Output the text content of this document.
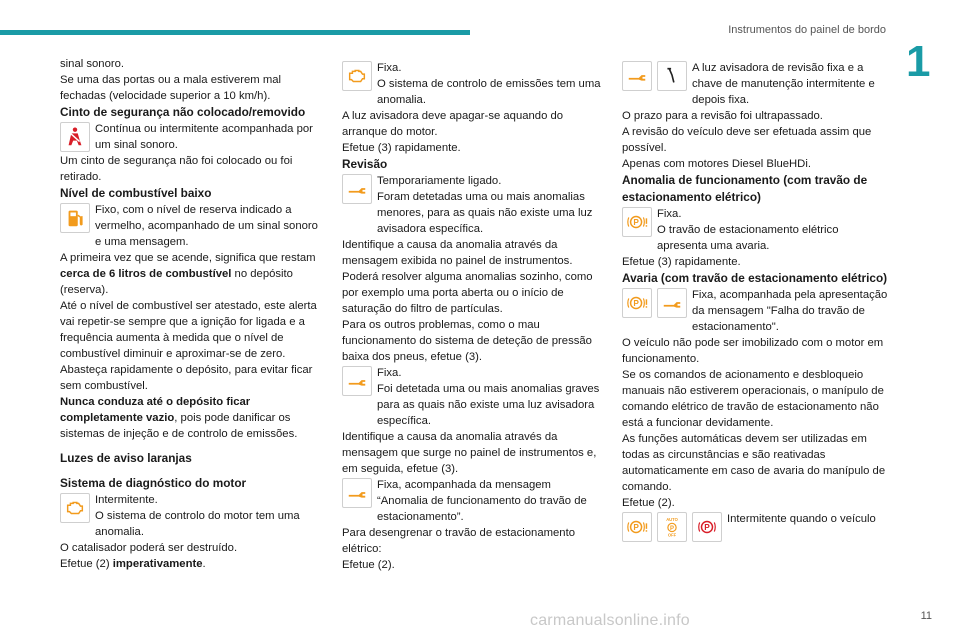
Instrumentos do painel de bordo
1

sinal sonoro.

Se uma das portas ou a mala estiverem mal fechadas (velocidade superior a 10 km/h).

Cinto de segurança não colocado/removido

Contínua ou intermitente acompanhada por um sinal sonoro.

Um cinto de segurança não foi colocado ou foi retirado.

Nível de combustível baixo

Fixo, com o nível de reserva indicado a vermelho, acompanhado de um sinal sonoro e uma mensagem.

A primeira vez que se acende, significa que restam cerca de 6 litros de combustível no depósito (reserva).

Até o nível de combustível ser atestado, este alerta vai repetir-se sempre que a ignição for ligada e a frequência aumenta à medida que o nível de combustível diminuir e aproximar-se de zero.

Abasteça rapidamente o depósito, para evitar ficar sem combustível.

Nunca conduza até o depósito ficar completamente vazio, pois pode danificar os sistemas de injeção e de controlo de emissões.

Luzes de aviso laranjas

Sistema de diagnóstico do motor

Intermitente.

O sistema de controlo do motor tem uma anomalia.

O catalisador poderá ser destruído.

Efetue (2) imperativamente.

Fixa.

O sistema de controlo de emissões tem uma anomalia.

A luz avisadora deve apagar-se aquando do arranque do motor.

Efetue (3) rapidamente.

Revisão

Temporariamente ligado.

Foram detetadas uma ou mais anomalias menores, para as quais não existe uma luz avisadora específica.

Identifique a causa da anomalia através da mensagem exibida no painel de instrumentos.

Poderá resolver alguma anomalias sozinho, como por exemplo uma porta aberta ou o início de saturação do filtro de partículas.

Para os outros problemas, como o mau funcionamento do sistema de deteção de pressão baixa dos pneus, efetue (3).

Fixa.

Foi detetada uma ou mais anomalias graves para as quais não existe uma luz avisadora específica.

Identifique a causa da anomalia através da mensagem que surge no painel de instrumentos e, em seguida, efetue (3).

Fixa, acompanhada da mensagem “Anomalia de funcionamento do travão de estacionamento”.

Para desengrenar o travão de estacionamento elétrico:

Efetue (2).

A luz avisadora de revisão fixa e a chave de manutenção intermitente e depois fixa.

O prazo para a revisão foi ultrapassado.

A revisão do veículo deve ser efetuada assim que possível.

Apenas com motores Diesel BlueHDi.

Anomalia de funcionamento (com travão de estacionamento elétrico)

P

Fixa.

O travão de estacionamento elétrico apresenta uma avaria.

Efetue (3) rapidamente.

Avaria (com travão de estacionamento elétrico)

P

Fixa, acompanhada pela apresentação da mensagem "Falha do travão de estacionamento".

O veículo não pode ser imobilizado com o motor em funcionamento.

Se os comandos de acionamento e desbloqueio manuais não estiverem operacionais, o manípulo de comando elétrico de travão de estacionamento não está a funcionar devidamente.

As funções automáticas devem ser utilizadas em todas as circunstâncias e são reativadas automaticamente em caso de avaria do manípulo de comando.

Efetue (2).

P
AUTO
P
OFF
P

Intermitente quando o veículo

carmanualsonline.info	11
